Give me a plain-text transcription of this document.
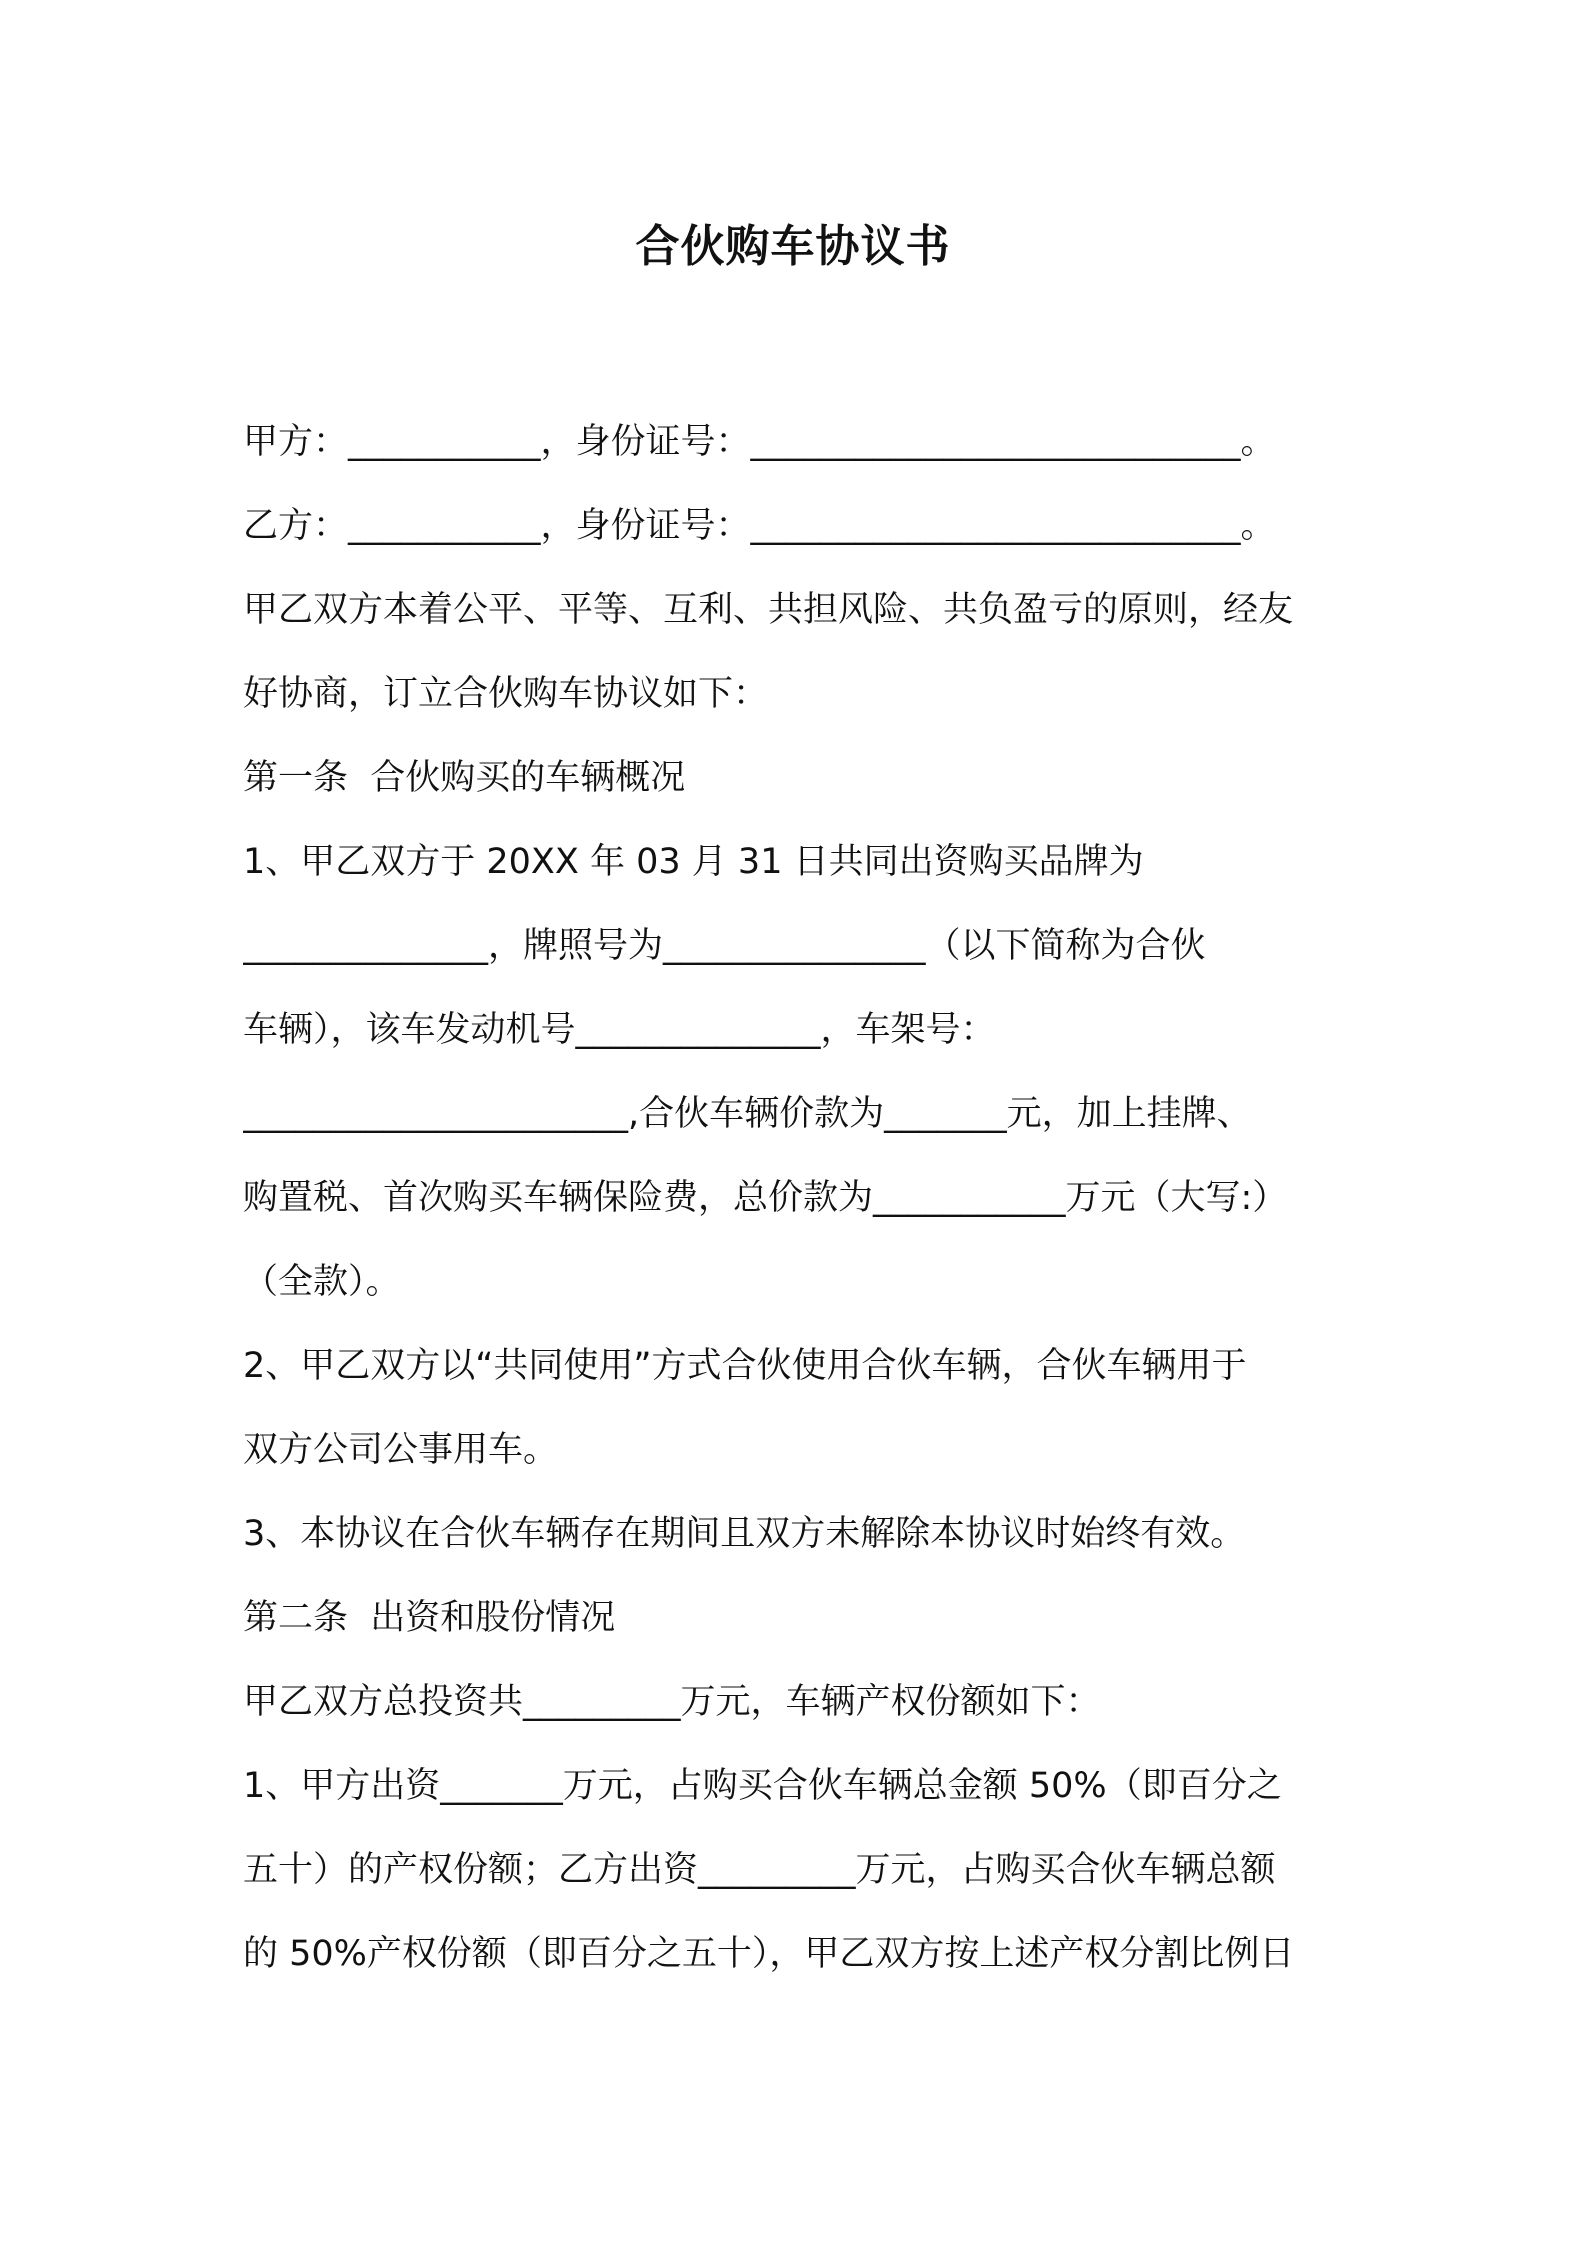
合伙购车协议书
甲方：___________，身份证号：____________________________。
乙方：___________，身份证号：____________________________。
甲乙双方本着公平、平等、互利、共担风险、共负盈亏的原则，经友
好协商，订立合伙购车协议如下：
第一条  合伙购买的车辆概况
1、甲乙双方于 20XX 年 03 月 31 日共同出资购买品牌为
______________，牌照号为_______________（以下简称为合伙
车辆），该车发动机号______________，车架号：
______________________,合伙车辆价款为_______元，加上挂牌、
购置税、首次购买车辆保险费，总价款为___________万元（大写:）
（全款）。
2、甲乙双方以“共同使用”方式合伙使用合伙车辆，合伙车辆用于
双方公司公事用车。
3、本协议在合伙车辆存在期间且双方未解除本协议时始终有效。
第二条  出资和股份情况
甲乙双方总投资共_________万元，车辆产权份额如下：
1、甲方出资_______万元，占购买合伙车辆总金额 50%（即百分之
五十）的产权份额；乙方出资_________万元，占购买合伙车辆总额
的 50%产权份额（即百分之五十），甲乙双方按上述产权分割比例日
